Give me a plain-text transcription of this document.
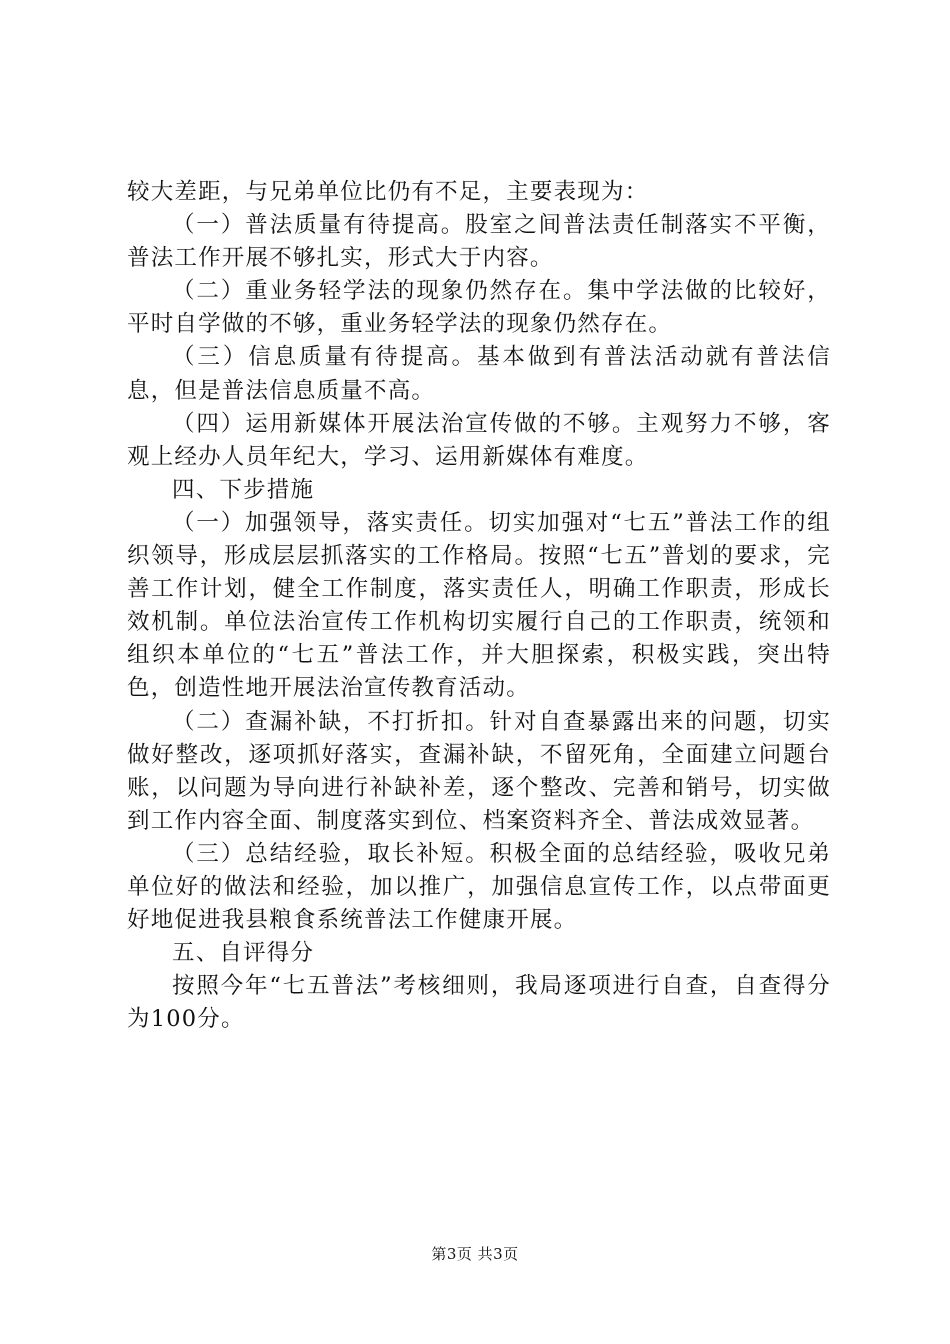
较大差距，与兄弟单位比仍有不足，主要表现为：

（一）普法质量有待提高。股室之间普法责任制落实不平衡，普法工作开展不够扎实，形式大于内容。

（二）重业务轻学法的现象仍然存在。集中学法做的比较好，平时自学做的不够，重业务轻学法的现象仍然存在。

（三）信息质量有待提高。基本做到有普法活动就有普法信息，但是普法信息质量不高。

（四）运用新媒体开展法治宣传做的不够。主观努力不够，客观上经办人员年纪大，学习、运用新媒体有难度。

四、下步措施

（一）加强领导，落实责任。切实加强对“七五”普法工作的组织领导，形成层层抓落实的工作格局。按照“七五”普划的要求，完善工作计划，健全工作制度，落实责任人，明确工作职责，形成长效机制。单位法治宣传工作机构切实履行自己的工作职责，统领和组织本单位的“七五”普法工作，并大胆探索，积极实践，突出特色，创造性地开展法治宣传教育活动。

（二）查漏补缺，不打折扣。针对自查暴露出来的问题，切实做好整改，逐项抓好落实，查漏补缺，不留死角，全面建立问题台账，以问题为导向进行补缺补差，逐个整改、完善和销号，切实做到工作内容全面、制度落实到位、档案资料齐全、普法成效显著。

（三）总结经验，取长补短。积极全面的总结经验，吸收兄弟单位好的做法和经验，加以推广，加强信息宣传工作，以点带面更好地促进我县粮食系统普法工作健康开展。

五、自评得分

按照今年“七五普法”考核细则，我局逐项进行自查，自查得分为100分。

第3页 共3页
